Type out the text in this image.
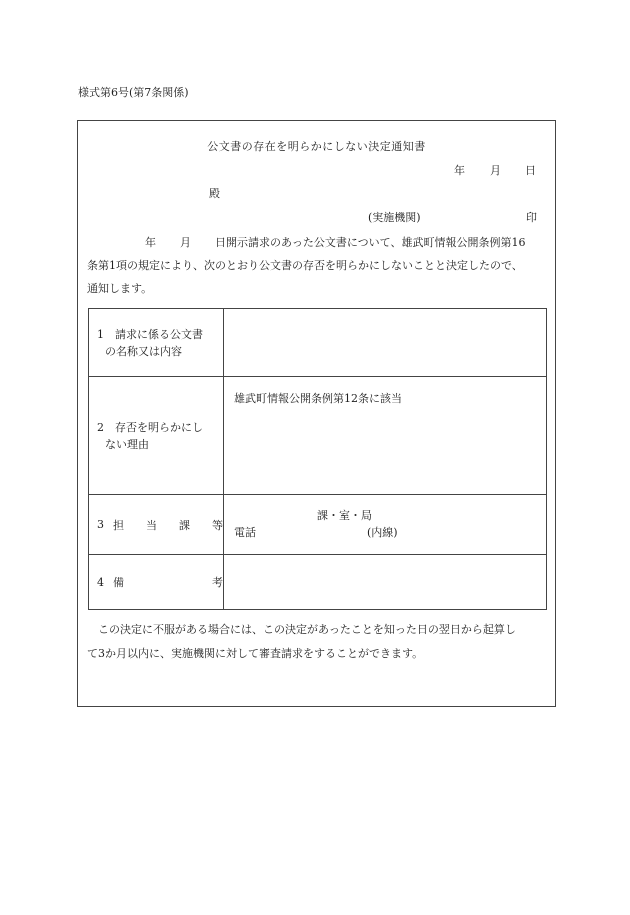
様式第6号(第7条関係)
公文書の存在を明らかにしない決定通知書
年 月 日
殿
(実施機関)	印
年 月 日開示請求のあった公文書について、雄武町情報公開条例第16
条第1項の規定により、次のとおり公文書の存否を明らかにしないことと決定したので、
通知します。
1　請求に係る公文書
の名称又は内容	

2　存否を明らかにし
ない理由	雄武町情報公開条例第12条に該当

3 担 当 課 等	課・室・局
電話 (内線)

4 備 考	

この決定に不服がある場合には、この決定があったことを知った日の翌日から起算し
て3か月以内に、実施機関に対して審査請求をすることができます。
